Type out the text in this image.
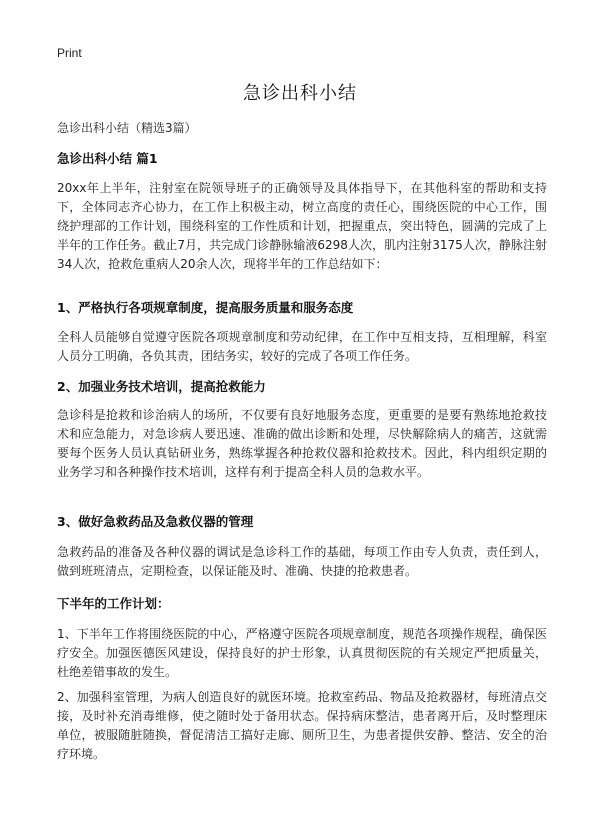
Print
急诊出科小结
急诊出科小结（精选3篇）
急诊出科小结 篇1
20xx年上半年，注射室在院领导班子的正确领导及具体指导下，在其他科室的帮助和支持下，全体同志齐心协力，在工作上积极主动，树立高度的责任心，围绕医院的中心工作，围绕护理部的工作计划，围绕科室的工作性质和计划，把握重点，突出特色，圆满的完成了上半年的工作任务。截止7月，共完成门诊静脉输液6298人次，肌内注射3175人次，静脉注射34人次，抢救危重病人20余人次，现将半年的工作总结如下：
1、严格执行各项规章制度，提高服务质量和服务态度
全科人员能够自觉遵守医院各项规章制度和劳动纪律，在工作中互相支持，互相理解，科室人员分工明确，各负其责，团结务实，较好的完成了各项工作任务。
2、加强业务技术培训，提高抢救能力
急诊科是抢救和诊治病人的场所，不仅要有良好地服务态度，更重要的是要有熟练地抢救技术和应急能力，对急诊病人要迅速、准确的做出诊断和处理，尽快解除病人的痛苦，这就需要每个医务人员认真钻研业务，熟练掌握各种抢救仪器和抢救技术。因此，科内组织定期的业务学习和各种操作技术培训，这样有利于提高全科人员的急救水平。
3、做好急救药品及急救仪器的管理
急救药品的准备及各种仪器的调试是急诊科工作的基础，每项工作由专人负责，责任到人，做到班班清点，定期检查，以保证能及时、准确、快捷的抢救患者。
下半年的工作计划：
1、下半年工作将围绕医院的中心，严格遵守医院各项规章制度，规范各项操作规程，确保医疗安全。加强医德医风建设，保持良好的护士形象，认真贯彻医院的有关规定严把质量关，杜绝差错事故的发生。
2、加强科室管理，为病人创造良好的就医环境。抢救室药品、物品及抢救器材，每班清点交接，及时补充消毒维修，使之随时处于备用状态。保持病床整洁，患者离开后，及时整理床单位，被服随脏随换，督促清洁工搞好走廊、厕所卫生，为患者提供安静、整洁、安全的治疗环境。
